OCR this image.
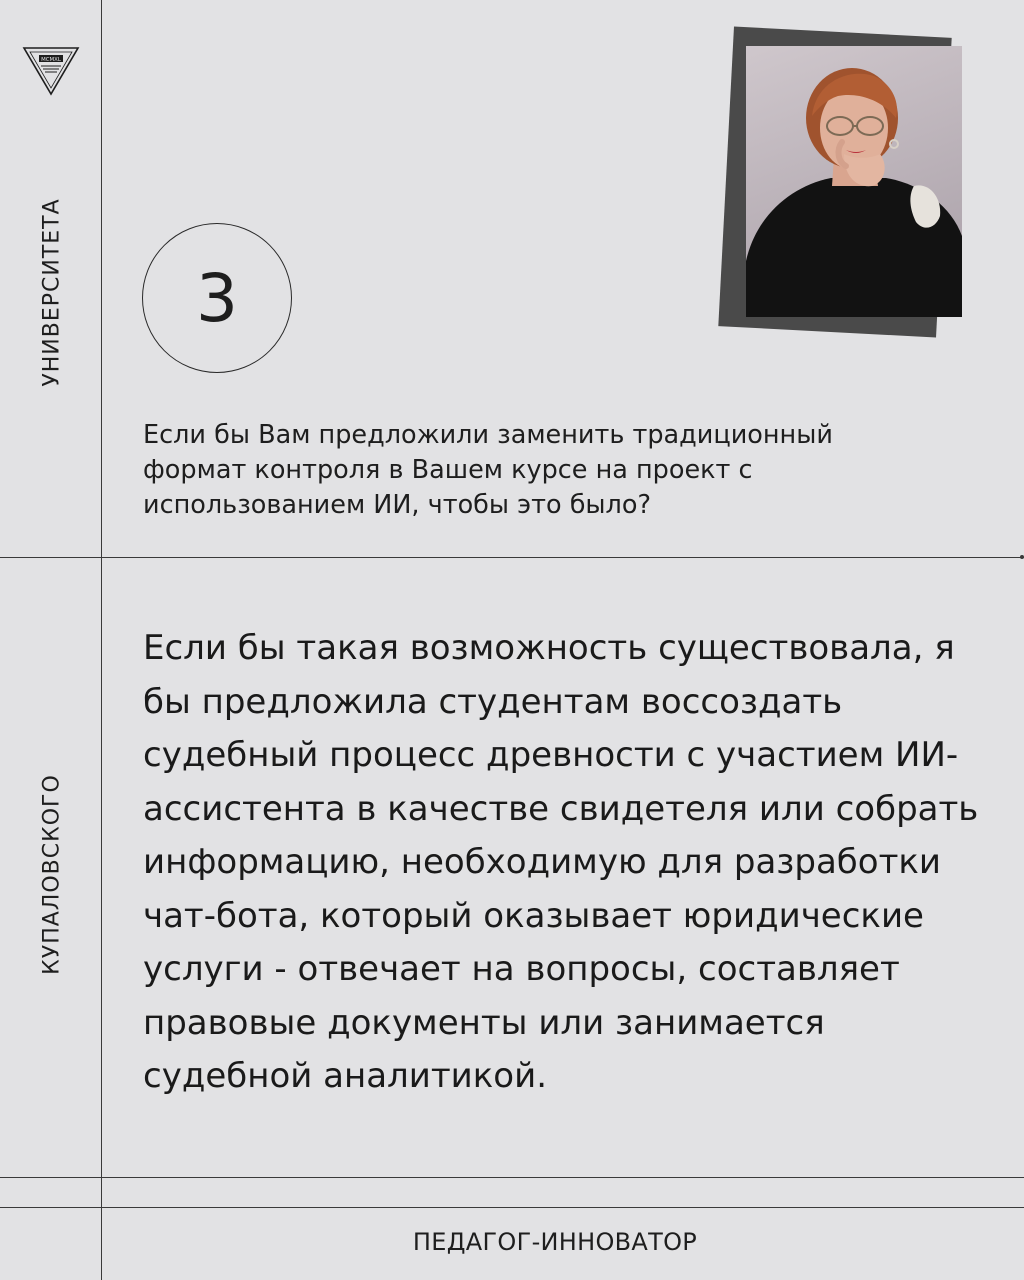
MCMXL
УНИВЕРСИТЕТА
КУПАЛОВСКОГО
3
Если бы Вам предложили заменить традиционный формат контроля в Вашем курсе на проект с использованием ИИ, чтобы это было?
Если бы такая возможность существовала, я бы предложила студентам воссоздать судебный процесс древности с участием ИИ-ассистента в качестве свидетеля или собрать информацию, необходимую для разработки чат-бота, который оказывает юридические услуги - отвечает на вопросы, составляет правовые документы или занимается судебной аналитикой.
ПЕДАГОГ-ИННОВАТОР
